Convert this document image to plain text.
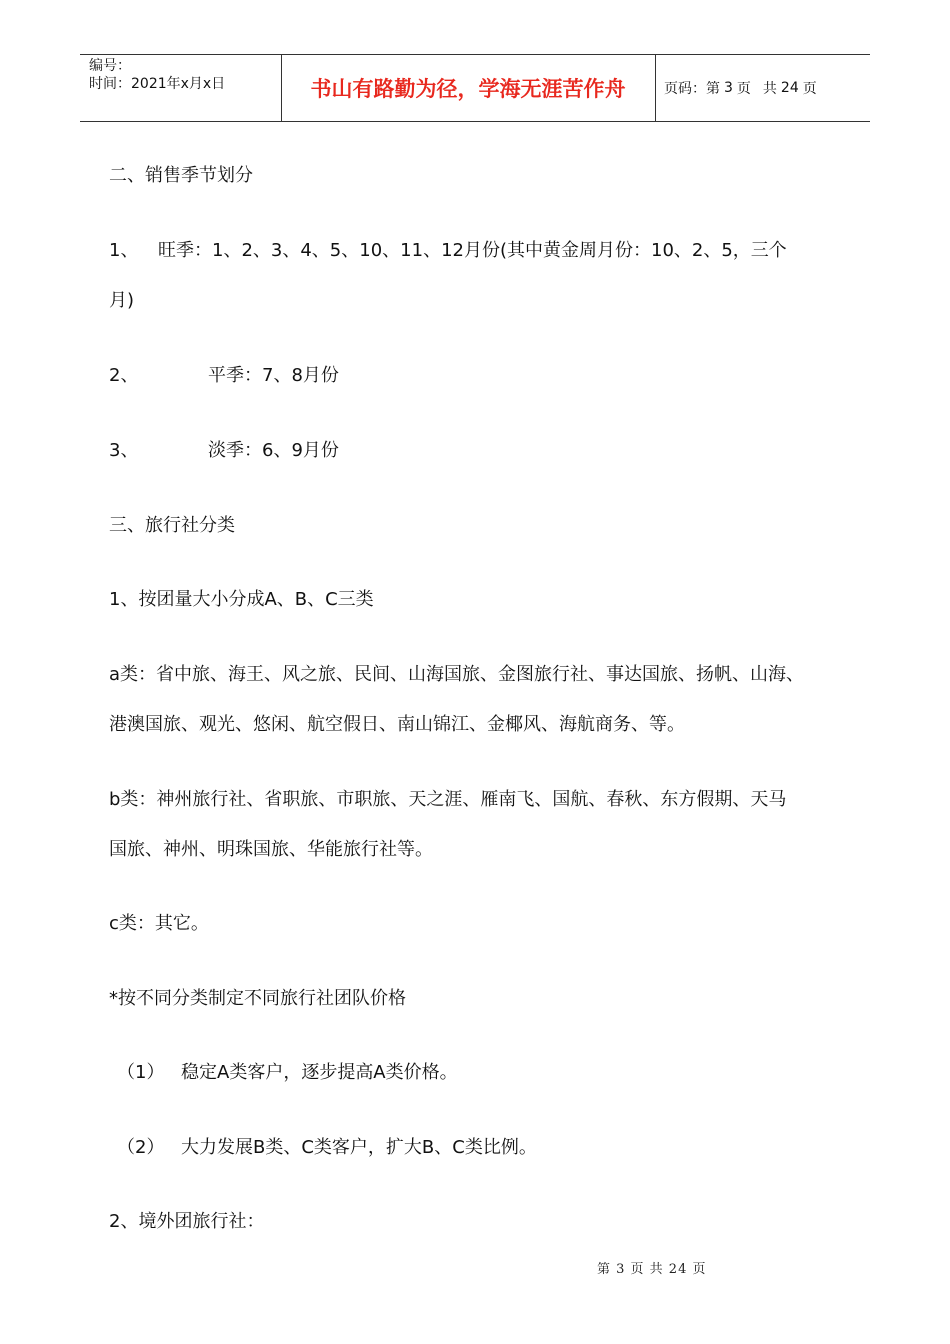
编号：
时间：2021年x月x日	书山有路勤为径，学海无涯苦作舟	页码：第 3 页 共 24 页
二、销售季节划分
1、 旺季：1、2、3、4、5、10、11、12月份(其中黄金周月份：10、2、5，三个
月)
2、	平季：7、8月份
3、	淡季：6、9月份
三、旅行社分类
1、按团量大小分成A、B、C三类
a类：省中旅、海王、风之旅、民间、山海国旅、金图旅行社、事达国旅、扬帆、山海、
港澳国旅、观光、悠闲、航空假日、南山锦江、金椰风、海航商务、等。
b类：神州旅行社、省职旅、市职旅、天之涯、雁南飞、国航、春秋、东方假期、天马
国旅、神州、明珠国旅、华能旅行社等。
c类：其它。
*按不同分类制定不同旅行社团队价格
（1） 稳定A类客户，逐步提高A类价格。
（2） 大力发展B类、C类客户，扩大B、C类比例。
2、境外团旅行社：
第 3 页 共 24 页
